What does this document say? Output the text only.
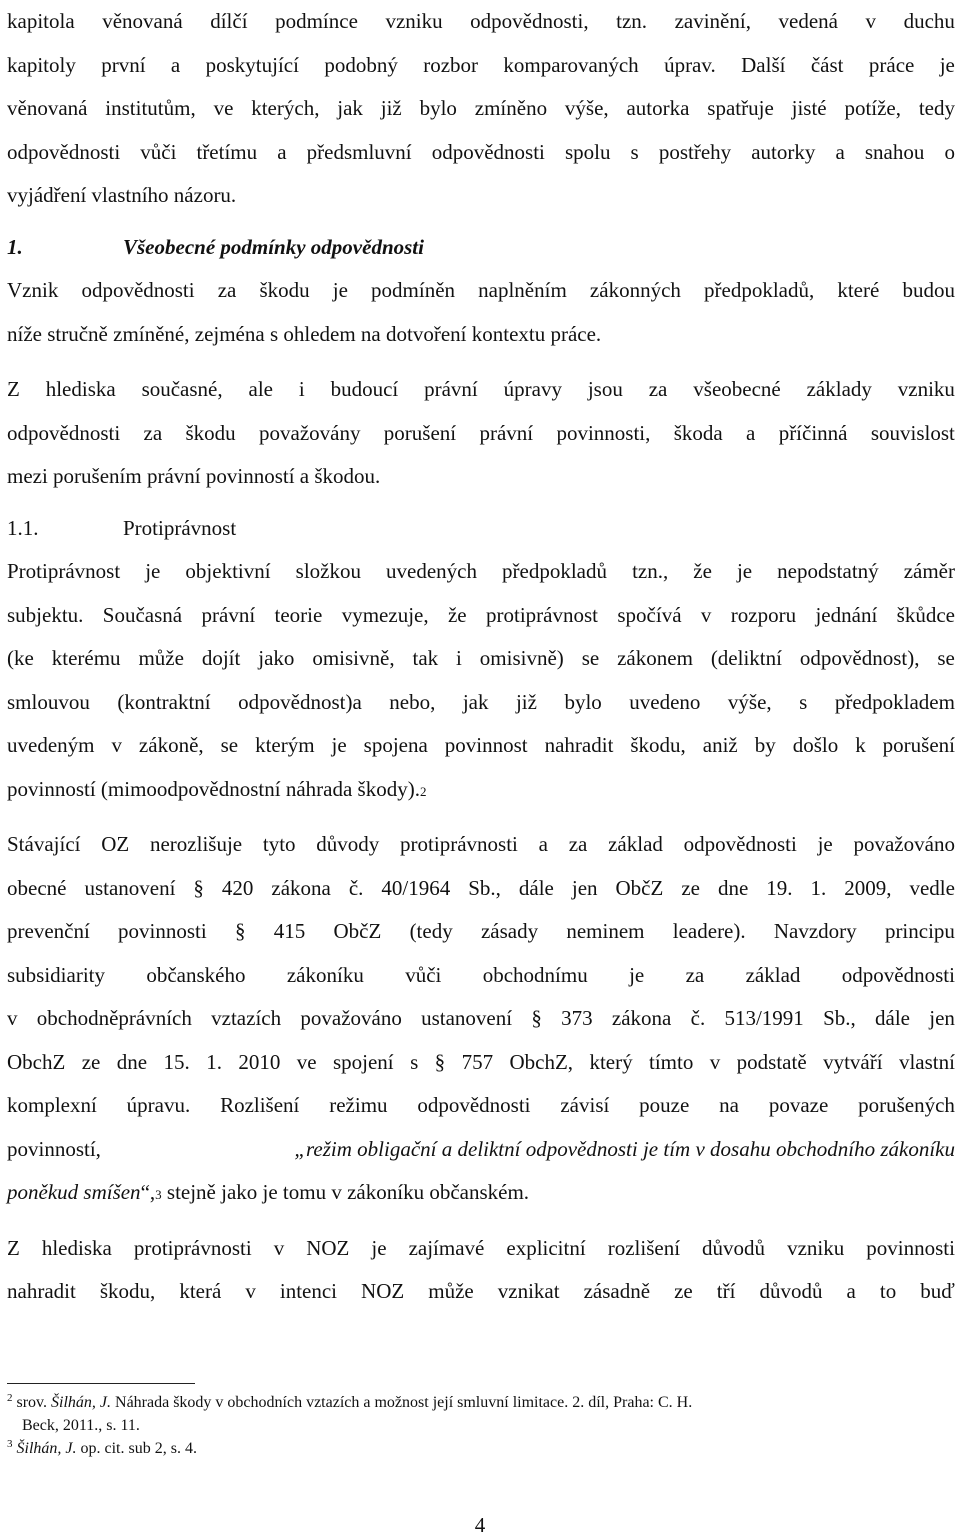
kapitola věnovaná dílčí podmínce vzniku odpovědnosti, tzn. zavinění, vedená v duchu
kapitoly první a poskytující podobný rozbor komparovaných úprav. Další část práce je
věnovaná institutům, ve kterých, jak již bylo zmíněno výše, autorka spatřuje jisté potíže, tedy
odpovědnosti vůči třetímu a předsmluvní odpovědnosti spolu s postřehy autorky a snahou o
vyjádření vlastního názoru.
1.	Všeobecné podmínky odpovědnosti
Vznik odpovědnosti za škodu je podmíněn naplněním zákonných předpokladů, které budou
níže stručně zmíněné, zejména s ohledem na dotvoření kontextu práce.
Z hlediska současné, ale i budoucí právní úpravy jsou za všeobecné základy vzniku
odpovědnosti za škodu považovány porušení právní povinnosti, škoda a příčinná souvislost
mezi porušením právní povinností a škodou.
1.1.	Protiprávnost
Protiprávnost je objektivní složkou uvedených předpokladů tzn., že je nepodstatný záměr
subjektu. Současná právní teorie vymezuje, že protiprávnost spočívá v rozporu jednání škůdce
(ke kterému může dojít jako omisivně, tak i omisivně) se zákonem (deliktní odpovědnost), se
smlouvou (kontraktní odpovědnost)a nebo, jak již bylo uvedeno výše, s předpokladem
uvedeným v zákoně, se kterým je spojena povinnost nahradit škodu, aniž by došlo k porušení
povinností (mimoodpovědnostní náhrada škody). 2
Stávající OZ nerozlišuje tyto důvody protiprávnosti a za základ odpovědnosti je považováno
obecné ustanovení § 420 zákona č. 40/1964 Sb., dále jen ObčZ ze dne 19. 1. 2009, vedle
prevenční povinnosti § 415 ObčZ (tedy zásady neminem leadere). Navzdory principu
subsidiarity občanského zákoníku vůči obchodnímu je za základ odpovědnosti
v obchodněprávních vztazích považováno ustanovení § 373 zákona č. 513/1991 Sb., dále jen
ObchZ ze dne 15. 1. 2010 ve spojení s § 757 ObchZ, který tímto v podstatě vytváří vlastní
komplexní úpravu. Rozlišení režimu odpovědnosti závisí pouze na povaze porušených
povinností,	„režim obligační a deliktní odpovědnosti je tím v dosahu obchodního zákoníku
poněkud smíšen “, 3
stejně jako je tomu v zákoníku občanském.
Z hlediska protiprávnosti v NOZ je zajímavé explicitní rozlišení důvodů vzniku povinnosti
nahradit škodu, která v intenci NOZ může vznikat zásadně ze tří důvodů a to buď
$^2$ srov. Šilhán, J. Náhrada škody v obchodních vztazích a možnost její smluvní limitace. 2. díl, Praha: C. H.
Beck, 2011., s. 11.
$^3$ Šilhán, J. op. cit. sub 2, s. 4.
4
